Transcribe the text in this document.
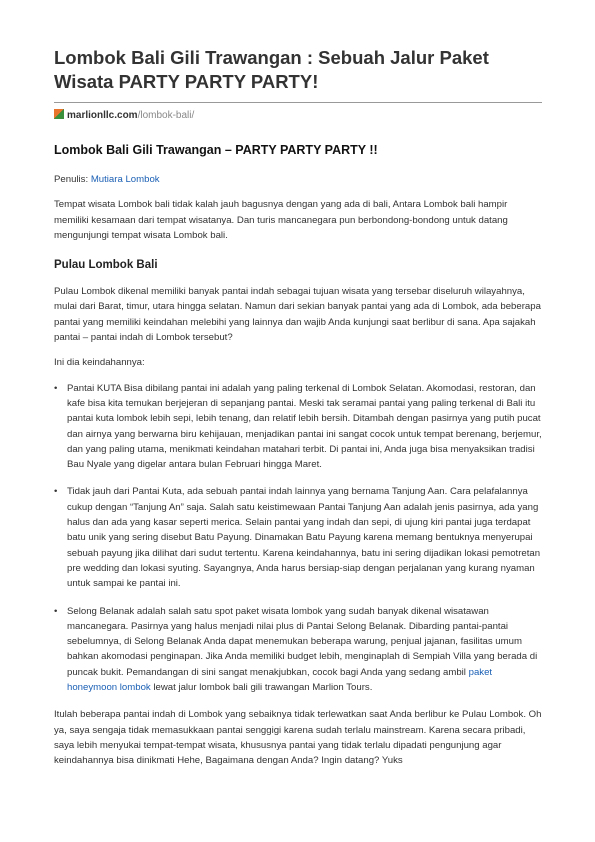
Lombok Bali Gili Trawangan : Sebuah Jalur Paket Wisata PARTY PARTY PARTY!
marlionllc.com/lombok-bali/
Lombok Bali Gili Trawangan – PARTY PARTY PARTY !!

Penulis: Mutiara Lombok

Tempat wisata Lombok bali tidak kalah jauh bagusnya dengan yang ada di bali, Antara Lombok bali hampir memiliki kesamaan dari tempat wisatanya. Dan turis mancanegara pun berbondong-bondong untuk datang mengunjungi tempat wisata Lombok bali.

Pulau Lombok Bali

Pulau Lombok dikenal memiliki banyak pantai indah sebagai tujuan wisata yang tersebar diseluruh wilayahnya, mulai dari Barat, timur, utara hingga selatan. Namun dari sekian banyak pantai yang ada di Lombok, ada beberapa pantai yang memiliki keindahan melebihi yang lainnya dan wajib Anda kunjungi saat berlibur di sana. Apa sajakah pantai – pantai indah di Lombok tersebut?

Ini dia keindahannya:

• Pantai KUTA Bisa dibilang pantai ini adalah yang paling terkenal di Lombok Selatan. Akomodasi, restoran, dan kafe bisa kita temukan berjejeran di sepanjang pantai. Meski tak seramai pantai yang paling terkenal di Bali itu pantai kuta lombok lebih sepi, lebih tenang, dan relatif lebih bersih. Ditambah dengan pasirnya yang putih pucat dan airnya yang berwarna biru kehijauan, menjadikan pantai ini sangat cocok untuk tempat berenang, berjemur, dan yang paling utama, menikmati keindahan matahari terbit. Di pantai ini, Anda juga bisa menyaksikan tradisi Bau Nyale yang digelar antara bulan Februari hingga Maret.
• Tidak jauh dari Pantai Kuta, ada sebuah pantai indah lainnya yang bernama Tanjung Aan. Cara pelafalannya cukup dengan “Tanjung An” saja. Salah satu keistimewaan Pantai Tanjung Aan adalah jenis pasirnya, ada yang halus dan ada yang kasar seperti merica. Selain pantai yang indah dan sepi, di ujung kiri pantai juga terdapat batu unik yang sering disebut Batu Payung. Dinamakan Batu Payung karena memang bentuknya menyerupai sebuah payung jika dilihat dari sudut tertentu. Karena keindahannya, batu ini sering dijadikan lokasi pemotretan pre wedding dan lokasi syuting. Sayangnya, Anda harus bersiap-siap dengan perjalanan yang kurang nyaman untuk sampai ke pantai ini.
• Selong Belanak adalah salah satu spot paket wisata lombok yang sudah banyak dikenal wisatawan mancanegara. Pasirnya yang halus menjadi nilai plus di Pantai Selong Belanak. Dibarding pantai-pantai sebelumnya, di Selong Belanak Anda dapat menemukan beberapa warung, penjual jajanan, fasilitas umum bahkan akomodasi penginapan. Jika Anda memiliki budget lebih, menginaplah di Sempiah Villa yang berada di puncak bukit. Pemandangan di sini sangat menakjubkan, cocok bagi Anda yang sedang ambil paket honeymoon lombok lewat jalur lombok bali gili trawangan Marlion Tours.

Itulah beberapa pantai indah di Lombok yang sebaiknya tidak terlewatkan saat Anda berlibur ke Pulau Lombok. Oh ya, saya sengaja tidak memasukkaan pantai senggigi karena sudah terlalu mainstream. Karena secara pribadi, saya lebih menyukai tempat-tempat wisata, khususnya pantai yang tidak terlalu dipadati pengunjung agar keindahannya bisa dinikmati Hehe, Bagaimana dengan Anda? Ingin datang? Yuks
